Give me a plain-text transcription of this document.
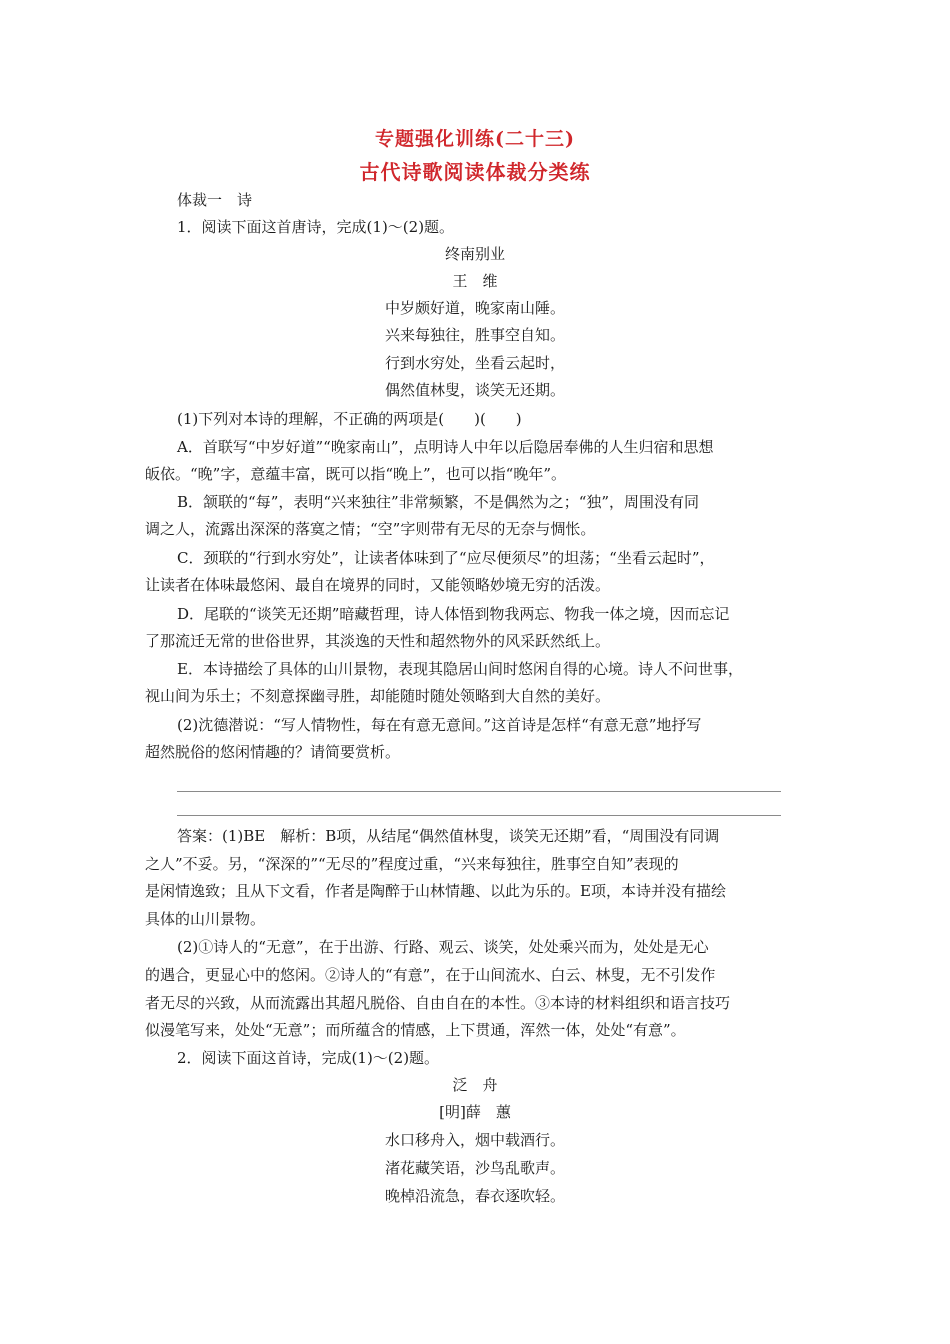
专题强化训练(二十三)
古代诗歌阅读体裁分类练
体裁一　诗
1．阅读下面这首唐诗，完成(1)～(2)题。
终南别业
王　维
中岁颇好道，晚家南山陲。
兴来每独往，胜事空自知。
行到水穷处，坐看云起时，
偶然值林叟，谈笑无还期。
(1)下列对本诗的理解，不正确的两项是(　　)(　　)
A．首联写“中岁好道”“晚家南山”，点明诗人中年以后隐居奉佛的人生归宿和思想
皈依。“晚”字，意蕴丰富，既可以指“晚上”，也可以指“晚年”。
B．颔联的“每”，表明“兴来独往”非常频繁，不是偶然为之；“独”，周围没有同
调之人，流露出深深的落寞之情；“空”字则带有无尽的无奈与惆怅。
C．颈联的“行到水穷处”，让读者体味到了“应尽便须尽”的坦荡；“坐看云起时”，
让读者在体味最悠闲、最自在境界的同时，又能领略妙境无穷的活泼。
D．尾联的“谈笑无还期”暗藏哲理，诗人体悟到物我两忘、物我一体之境，因而忘记
了那流迁无常的世俗世界，其淡逸的天性和超然物外的风采跃然纸上。
E．本诗描绘了具体的山川景物，表现其隐居山间时悠闲自得的心境。诗人不问世事，
视山间为乐土；不刻意探幽寻胜，却能随时随处领略到大自然的美好。
(2)沈德潜说：“写人情物性，每在有意无意间。”这首诗是怎样“有意无意”地抒写
超然脱俗的悠闲情趣的？请简要赏析。
答案：(1)BE　解析：B项，从结尾“偶然值林叟，谈笑无还期”看，“周围没有同调
之人”不妥。另，“深深的”“无尽的”程度过重，“兴来每独往，胜事空自知”表现的
是闲情逸致；且从下文看，作者是陶醉于山林情趣、以此为乐的。E项，本诗并没有描绘
具体的山川景物。
(2)①诗人的“无意”，在于出游、行路、观云、谈笑，处处乘兴而为，处处是无心
的遇合，更显心中的悠闲。②诗人的“有意”，在于山间流水、白云、林叟，无不引发作
者无尽的兴致，从而流露出其超凡脱俗、自由自在的本性。③本诗的材料组织和语言技巧
似漫笔写来，处处“无意”；而所蕴含的情感，上下贯通，浑然一体，处处“有意”。
2．阅读下面这首诗，完成(1)～(2)题。
泛　舟
[明]薛　蕙
水口移舟入，烟中载酒行。
渚花藏笑语，沙鸟乱歌声。
晚棹沿流急，春衣逐吹轻。
